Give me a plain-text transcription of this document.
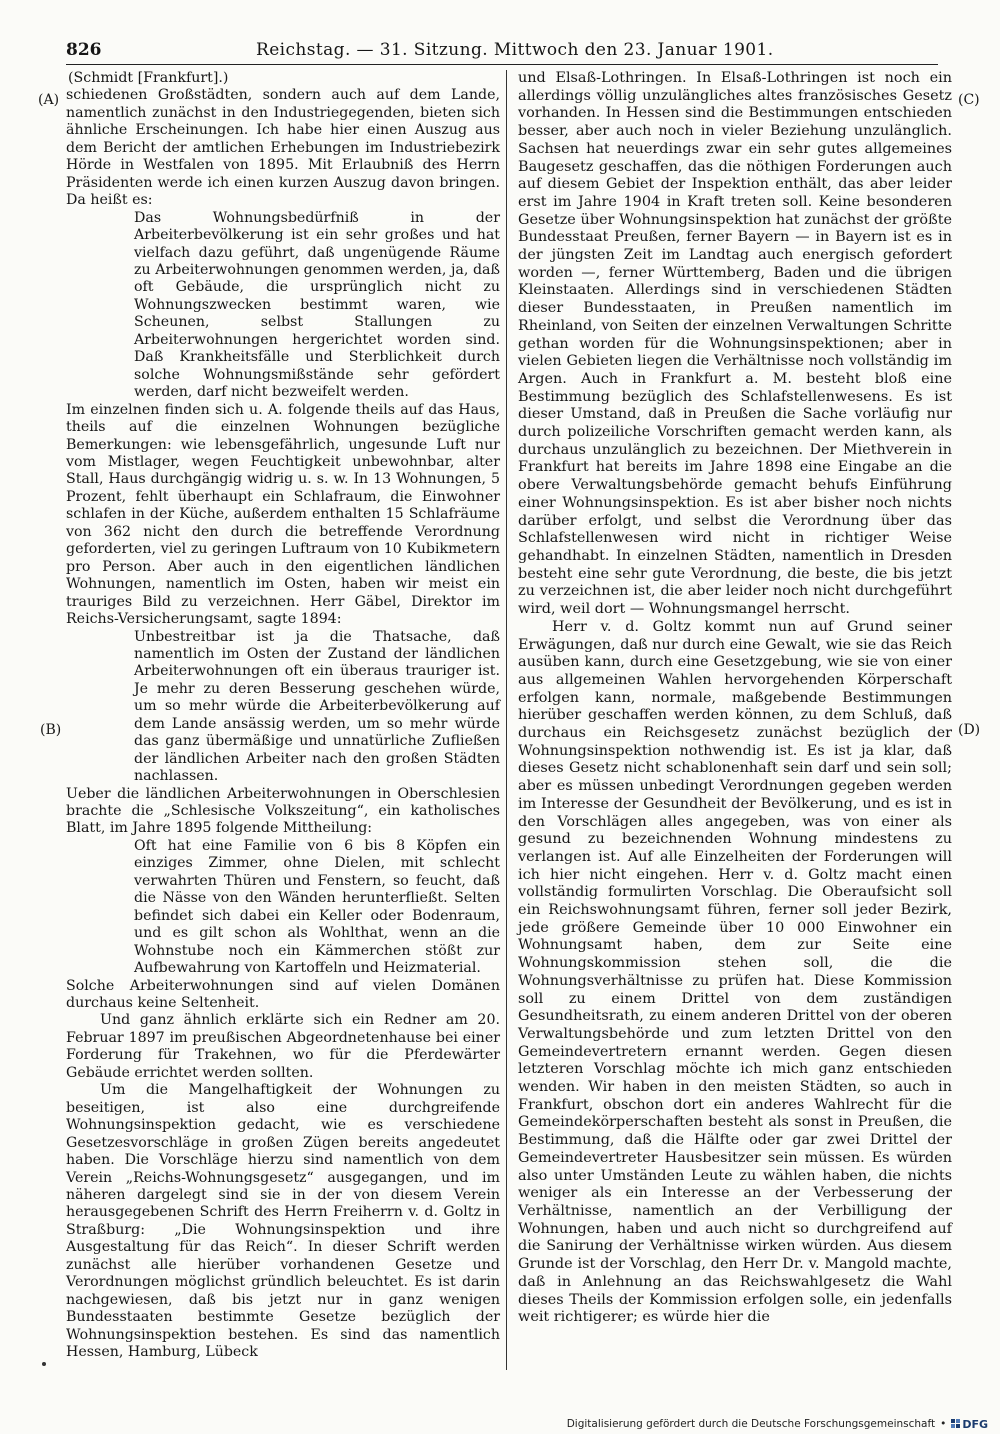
826	Reichstag. — 31. Sitzung. Mittwoch den 23. Januar 1901.
(A)
(B)
(C)
(D)
(Schmidt [Frankfurt].)

schiedenen Großstädten, sondern auch auf dem Lande, namentlich zunächst in den Industriegegenden, bieten sich ähnliche Erscheinungen. Ich habe hier einen Auszug aus dem Bericht der amtlichen Erhebungen im Industriebezirk Hörde in Westfalen von 1895. Mit Erlaubniß des Herrn Präsidenten werde ich einen kurzen Auszug davon bringen. Da heißt es:

Das Wohnungsbedürfniß in der Arbeiterbevölkerung ist ein sehr großes und hat vielfach dazu geführt, daß ungenügende Räume zu Arbeiterwohnungen genommen werden, ja, daß oft Gebäude, die ursprünglich nicht zu Wohnungszwecken bestimmt waren, wie Scheunen, selbst Stallungen zu Arbeiterwohnungen hergerichtet worden sind. Daß Krankheitsfälle und Sterblichkeit durch solche Wohnungsmißstände sehr gefördert werden, darf nicht bezweifelt werden.

Im einzelnen finden sich u. A. folgende theils auf das Haus, theils auf die einzelnen Wohnungen bezügliche Bemerkungen: wie lebensgefährlich, ungesunde Luft nur vom Mistlager, wegen Feuchtigkeit unbewohnbar, alter Stall, Haus durchgängig widrig u. s. w. In 13 Wohnungen, 5 Prozent, fehlt überhaupt ein Schlafraum, die Einwohner schlafen in der Küche, außerdem enthalten 15 Schlafräume von 362 nicht den durch die betreffende Verordnung geforderten, viel zu geringen Luftraum von 10 Kubikmetern pro Person. Aber auch in den eigentlichen ländlichen Wohnungen, namentlich im Osten, haben wir meist ein trauriges Bild zu verzeichnen. Herr Gäbel, Direktor im Reichs-Versicherungsamt, sagte 1894:

Unbestreitbar ist ja die Thatsache, daß namentlich im Osten der Zustand der ländlichen Arbeiterwohnungen oft ein überaus trauriger ist. Je mehr zu deren Besserung geschehen würde, um so mehr würde die Arbeiterbevölkerung auf dem Lande ansässig werden, um so mehr würde das ganz übermäßige und unnatürliche Zufließen der ländlichen Arbeiter nach den großen Städten nachlassen.

Ueber die ländlichen Arbeiterwohnungen in Oberschlesien brachte die „Schlesische Volkszeitung“, ein katholisches Blatt, im Jahre 1895 folgende Mittheilung:

Oft hat eine Familie von 6 bis 8 Köpfen ein einziges Zimmer, ohne Dielen, mit schlecht verwahrten Thüren und Fenstern, so feucht, daß die Nässe von den Wänden herunterfließt. Selten befindet sich dabei ein Keller oder Bodenraum, und es gilt schon als Wohlthat, wenn an die Wohnstube noch ein Kämmerchen stößt zur Aufbewahrung von Kartoffeln und Heizmaterial.

Solche Arbeiterwohnungen sind auf vielen Domänen durchaus keine Seltenheit.

Und ganz ähnlich erklärte sich ein Redner am 20. Februar 1897 im preußischen Abgeordnetenhause bei einer Forderung für Trakehnen, wo für die Pferdewärter Gebäude errichtet werden sollten.

Um die Mangelhaftigkeit der Wohnungen zu beseitigen, ist also eine durchgreifende Wohnungsinspektion gedacht, wie es verschiedene Gesetzesvorschläge in großen Zügen bereits angedeutet haben. Die Vorschläge hierzu sind namentlich von dem Verein „Reichs-Wohnungsgesetz“ ausgegangen, und im näheren dargelegt sind sie in der von diesem Verein herausgegebenen Schrift des Herrn Freiherrn v. d. Goltz in Straßburg: „Die Wohnungsinspektion und ihre Ausgestaltung für das Reich“. In dieser Schrift werden zunächst alle hierüber vorhandenen Gesetze und Verordnungen möglichst gründlich beleuchtet. Es ist darin nachgewiesen, daß bis jetzt nur in ganz wenigen Bundesstaaten bestimmte Gesetze bezüglich der Wohnungsinspektion bestehen. Es sind das namentlich Hessen, Hamburg, Lübeck

und Elsaß-Lothringen. In Elsaß-Lothringen ist noch ein allerdings völlig unzulängliches altes französisches Gesetz vorhanden. In Hessen sind die Bestimmungen entschieden besser, aber auch noch in vieler Beziehung unzulänglich. Sachsen hat neuerdings zwar ein sehr gutes allgemeines Baugesetz geschaffen, das die nöthigen Forderungen auch auf diesem Gebiet der Inspektion enthält, das aber leider erst im Jahre 1904 in Kraft treten soll. Keine besonderen Gesetze über Wohnungsinspektion hat zunächst der größte Bundesstaat Preußen, ferner Bayern — in Bayern ist es in der jüngsten Zeit im Landtag auch energisch gefordert worden —, ferner Württemberg, Baden und die übrigen Kleinstaaten. Allerdings sind in verschiedenen Städten dieser Bundesstaaten, in Preußen namentlich im Rheinland, von Seiten der einzelnen Verwaltungen Schritte gethan worden für die Wohnungsinspektionen; aber in vielen Gebieten liegen die Verhältnisse noch vollständig im Argen. Auch in Frankfurt a. M. besteht bloß eine Bestimmung bezüglich des Schlafstellenwesens. Es ist dieser Umstand, daß in Preußen die Sache vorläufig nur durch polizeiliche Vorschriften gemacht werden kann, als durchaus unzulänglich zu bezeichnen. Der Miethverein in Frankfurt hat bereits im Jahre 1898 eine Eingabe an die obere Verwaltungsbehörde gemacht behufs Einführung einer Wohnungsinspektion. Es ist aber bisher noch nichts darüber erfolgt, und selbst die Verordnung über das Schlafstellenwesen wird nicht in richtiger Weise gehandhabt. In einzelnen Städten, namentlich in Dresden besteht eine sehr gute Verordnung, die beste, die bis jetzt zu verzeichnen ist, die aber leider noch nicht durchgeführt wird, weil dort — Wohnungsmangel herrscht.

Herr v. d. Goltz kommt nun auf Grund seiner Erwägungen, daß nur durch eine Gewalt, wie sie das Reich ausüben kann, durch eine Gesetzgebung, wie sie von einer aus allgemeinen Wahlen hervorgehenden Körperschaft erfolgen kann, normale, maßgebende Bestimmungen hierüber geschaffen werden können, zu dem Schluß, daß durchaus ein Reichsgesetz zunächst bezüglich der Wohnungsinspektion nothwendig ist. Es ist ja klar, daß dieses Gesetz nicht schablonenhaft sein darf und sein soll; aber es müssen unbedingt Verordnungen gegeben werden im Interesse der Gesundheit der Bevölkerung, und es ist in den Vorschlägen alles angegeben, was von einer als gesund zu bezeichnenden Wohnung mindestens zu verlangen ist. Auf alle Einzelheiten der Forderungen will ich hier nicht eingehen. Herr v. d. Goltz macht einen vollständig formulirten Vorschlag. Die Oberaufsicht soll ein Reichswohnungsamt führen, ferner soll jeder Bezirk, jede größere Gemeinde über 10 000 Einwohner ein Wohnungsamt haben, dem zur Seite eine Wohnungskommission stehen soll, die die Wohnungsverhältnisse zu prüfen hat. Diese Kommission soll zu einem Drittel von dem zuständigen Gesundheitsrath, zu einem anderen Drittel von der oberen Verwaltungsbehörde und zum letzten Drittel von den Gemeindevertretern ernannt werden. Gegen diesen letzteren Vorschlag möchte ich mich ganz entschieden wenden. Wir haben in den meisten Städten, so auch in Frankfurt, obschon dort ein anderes Wahlrecht für die Gemeindekörperschaften besteht als sonst in Preußen, die Bestimmung, daß die Hälfte oder gar zwei Drittel der Gemeindevertreter Hausbesitzer sein müssen. Es würden also unter Umständen Leute zu wählen haben, die nichts weniger als ein Interesse an der Verbesserung der Verhältnisse, namentlich an der Verbilligung der Wohnungen, haben und auch nicht so durchgreifend auf die Sanirung der Verhältnisse wirken würden. Aus diesem Grunde ist der Vorschlag, den Herr Dr. v. Mangold machte, daß in Anlehnung an das Reichswahlgesetz die Wahl dieses Theils der Kommission erfolgen solle, ein jedenfalls weit richtigerer; es würde hier die

Digitalisierung gefördert durch die Deutsche Forschungsgemeinschaft • DFG
